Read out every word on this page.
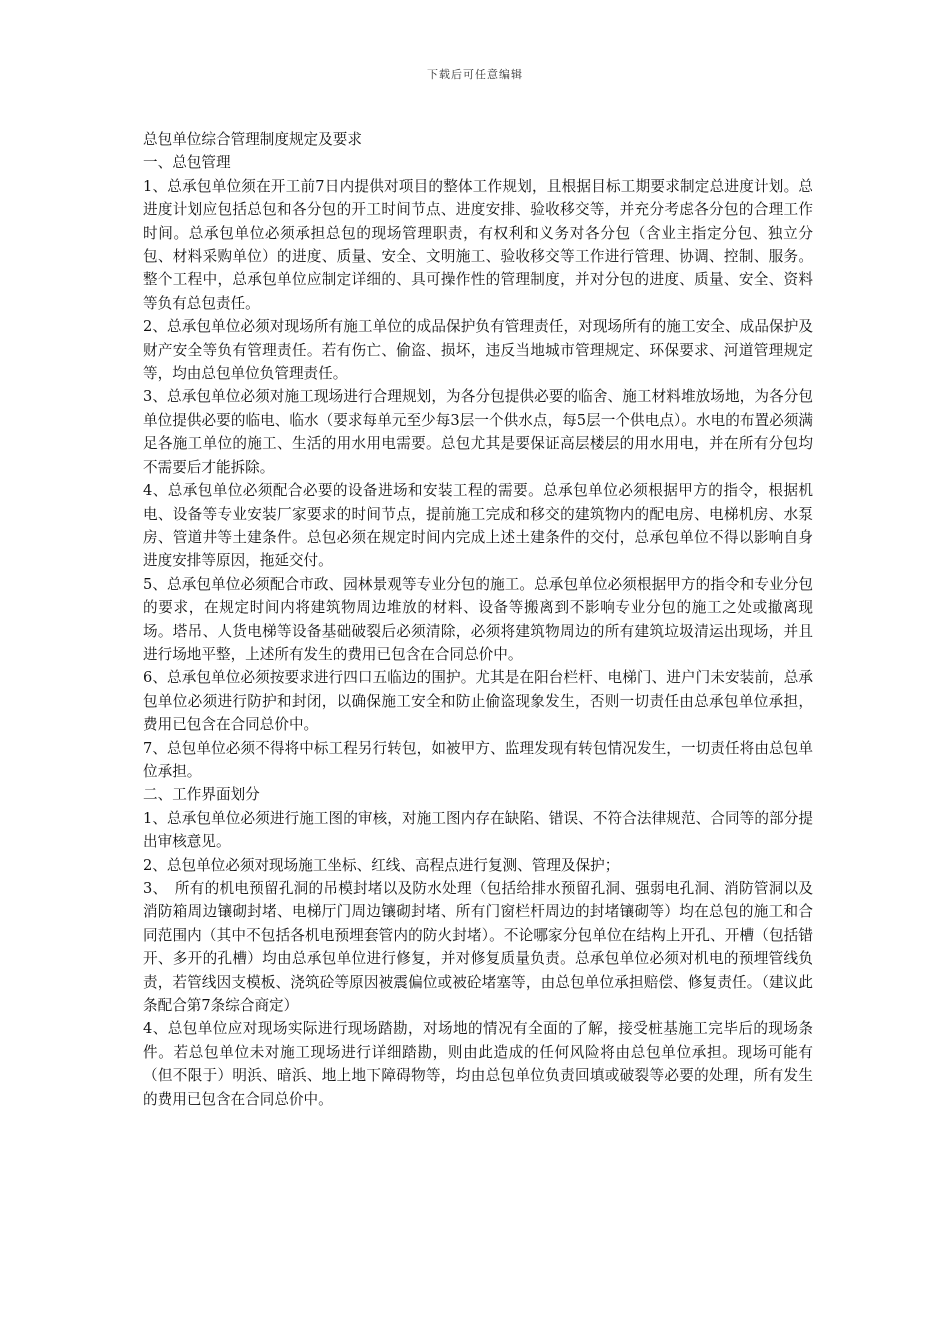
下载后可任意编辑

总包单位综合管理制度规定及要求

一、总包管理

1、总承包单位须在开工前7日内提供对项目的整体工作规划，且根据目标工期要求制定总进度计划。总进度计划应包括总包和各分包的开工时间节点、进度安排、验收移交等，并充分考虑各分包的合理工作时间。总承包单位必须承担总包的现场管理职责，有权利和义务对各分包（含业主指定分包、独立分包、材料采购单位）的进度、质量、安全、文明施工、验收移交等工作进行管理、协调、控制、服务。整个工程中，总承包单位应制定详细的、具可操作性的管理制度，并对分包的进度、质量、安全、资料等负有总包责任。

2、总承包单位必须对现场所有施工单位的成品保护负有管理责任，对现场所有的施工安全、成品保护及财产安全等负有管理责任。若有伤亡、偷盗、损坏，违反当地城市管理规定、环保要求、河道管理规定等，均由总包单位负管理责任。

3、总承包单位必须对施工现场进行合理规划，为各分包提供必要的临舍、施工材料堆放场地，为各分包单位提供必要的临电、临水（要求每单元至少每3层一个供水点，每5层一个供电点）。水电的布置必须满足各施工单位的施工、生活的用水用电需要。总包尤其是要保证高层楼层的用水用电，并在所有分包均不需要后才能拆除。

4、总承包单位必须配合必要的设备进场和安装工程的需要。总承包单位必须根据甲方的指令，根据机电、设备等专业安装厂家要求的时间节点，提前施工完成和移交的建筑物内的配电房、电梯机房、水泵房、管道井等土建条件。总包必须在规定时间内完成上述土建条件的交付，总承包单位不得以影响自身进度安排等原因，拖延交付。

5、总承包单位必须配合市政、园林景观等专业分包的施工。总承包单位必须根据甲方的指令和专业分包的要求，在规定时间内将建筑物周边堆放的材料、设备等搬离到不影响专业分包的施工之处或撤离现场。塔吊、人货电梯等设备基础破裂后必须清除，必须将建筑物周边的所有建筑垃圾清运出现场，并且进行场地平整，上述所有发生的费用已包含在合同总价中。

6、总承包单位必须按要求进行四口五临边的围护。尤其是在阳台栏杆、电梯门、进户门未安装前，总承包单位必须进行防护和封闭，以确保施工安全和防止偷盗现象发生，否则一切责任由总承包单位承担，费用已包含在合同总价中。

7、总包单位必须不得将中标工程另行转包，如被甲方、监理发现有转包情况发生，一切责任将由总包单位承担。

二、工作界面划分

1、总承包单位必须进行施工图的审核，对施工图内存在缺陷、错误、不符合法律规范、合同等的部分提出审核意见。

2、总包单位必须对现场施工坐标、红线、高程点进行复测、管理及保护；

3、　所有的机电预留孔洞的吊模封堵以及防水处理（包括给排水预留孔洞、强弱电孔洞、消防管洞以及消防箱周边镶砌封堵、电梯厅门周边镶砌封堵、所有门窗栏杆周边的封堵镶砌等）均在总包的施工和合同范围内（其中不包括各机电预埋套管内的防火封堵）。不论哪家分包单位在结构上开孔、开槽（包括错开、多开的孔槽）均由总承包单位进行修复，并对修复质量负责。总承包单位必须对机电的预埋管线负责，若管线因支模板、浇筑砼等原因被震偏位或被砼堵塞等，由总包单位承担赔偿、修复责任。（建议此条配合第7条综合商定）

4、总包单位应对现场实际进行现场踏勘，对场地的情况有全面的了解，接受桩基施工完毕后的现场条件。若总包单位未对施工现场进行详细踏勘，则由此造成的任何风险将由总包单位承担。现场可能有（但不限于）明浜、暗浜、地上地下障碍物等，均由总包单位负责回填或破裂等必要的处理，所有发生的费用已包含在合同总价中。
